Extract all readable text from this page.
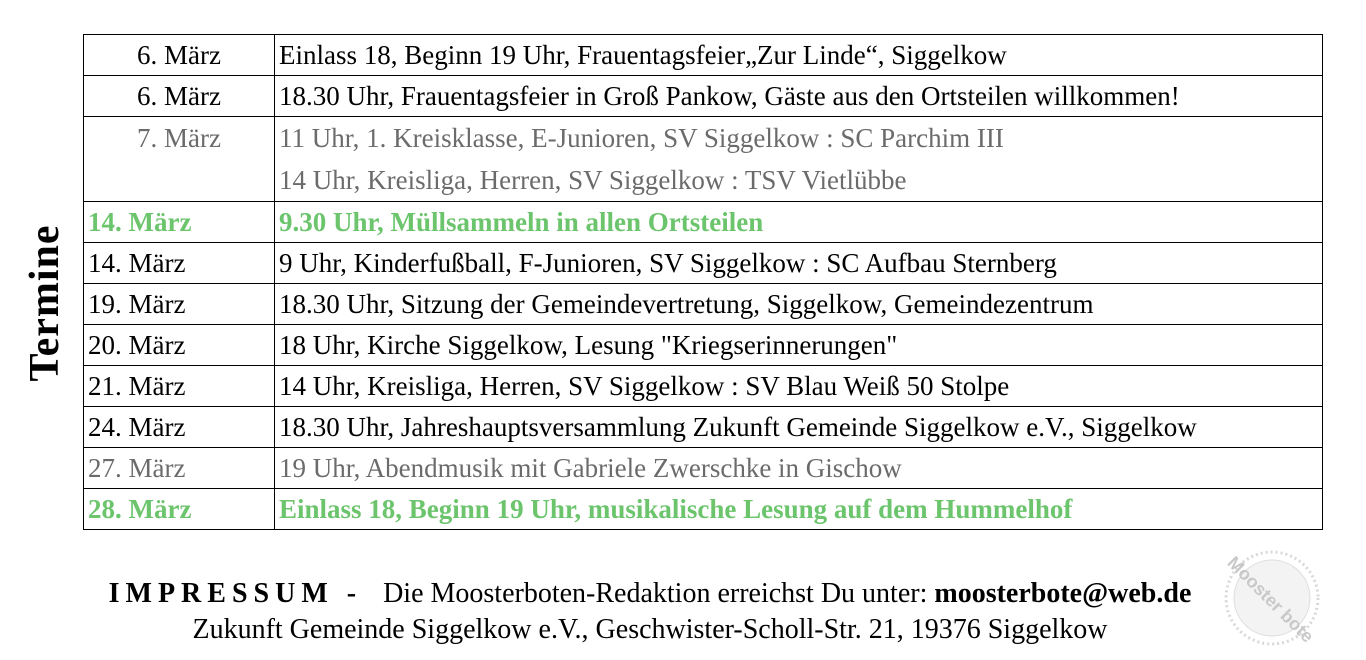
Termine
6. März	Einlass 18, Beginn 19 Uhr, Frauentagsfeier„Zur Linde“, Siggelkow
6. März	18.30 Uhr, Frauentagsfeier in Groß Pankow, Gäste aus den Ortsteilen willkommen!
7. März	11 Uhr, 1. Kreisklasse, E-Junioren, SV Siggelkow : SC Parchim III
14 Uhr, Kreisliga, Herren, SV Siggelkow : TSV Vietlübbe

14. März	9.30 Uhr, Müllsammeln in allen Ortsteilen
14. März	9 Uhr, Kinderfußball, F-Junioren, SV Siggelkow : SC Aufbau Sternberg
19. März	18.30 Uhr, Sitzung der Gemeindevertretung, Siggelkow, Gemeindezentrum
20. März	18 Uhr, Kirche Siggelkow, Lesung "Kriegserinnerungen"
21. März	14 Uhr, Kreisliga, Herren, SV Siggelkow : SV Blau Weiß 50 Stolpe
24. März	18.30 Uhr, Jahreshauptsversammlung Zukunft Gemeinde Siggelkow e.V., Siggelkow
27. März	19 Uhr, Abendmusik mit Gabriele Zwerschke in Gischow
28. März	Einlass 18, Beginn 19 Uhr, musikalische Lesung auf dem Hummelhof
IMPRESSUM - Die Moosterboten-Redaktion erreichst Du unter: moosterbote@web.de
Zukunft Gemeinde Siggelkow e.V., Geschwister-Scholl-Str. 21, 19376 Siggelkow	Mooster bote
